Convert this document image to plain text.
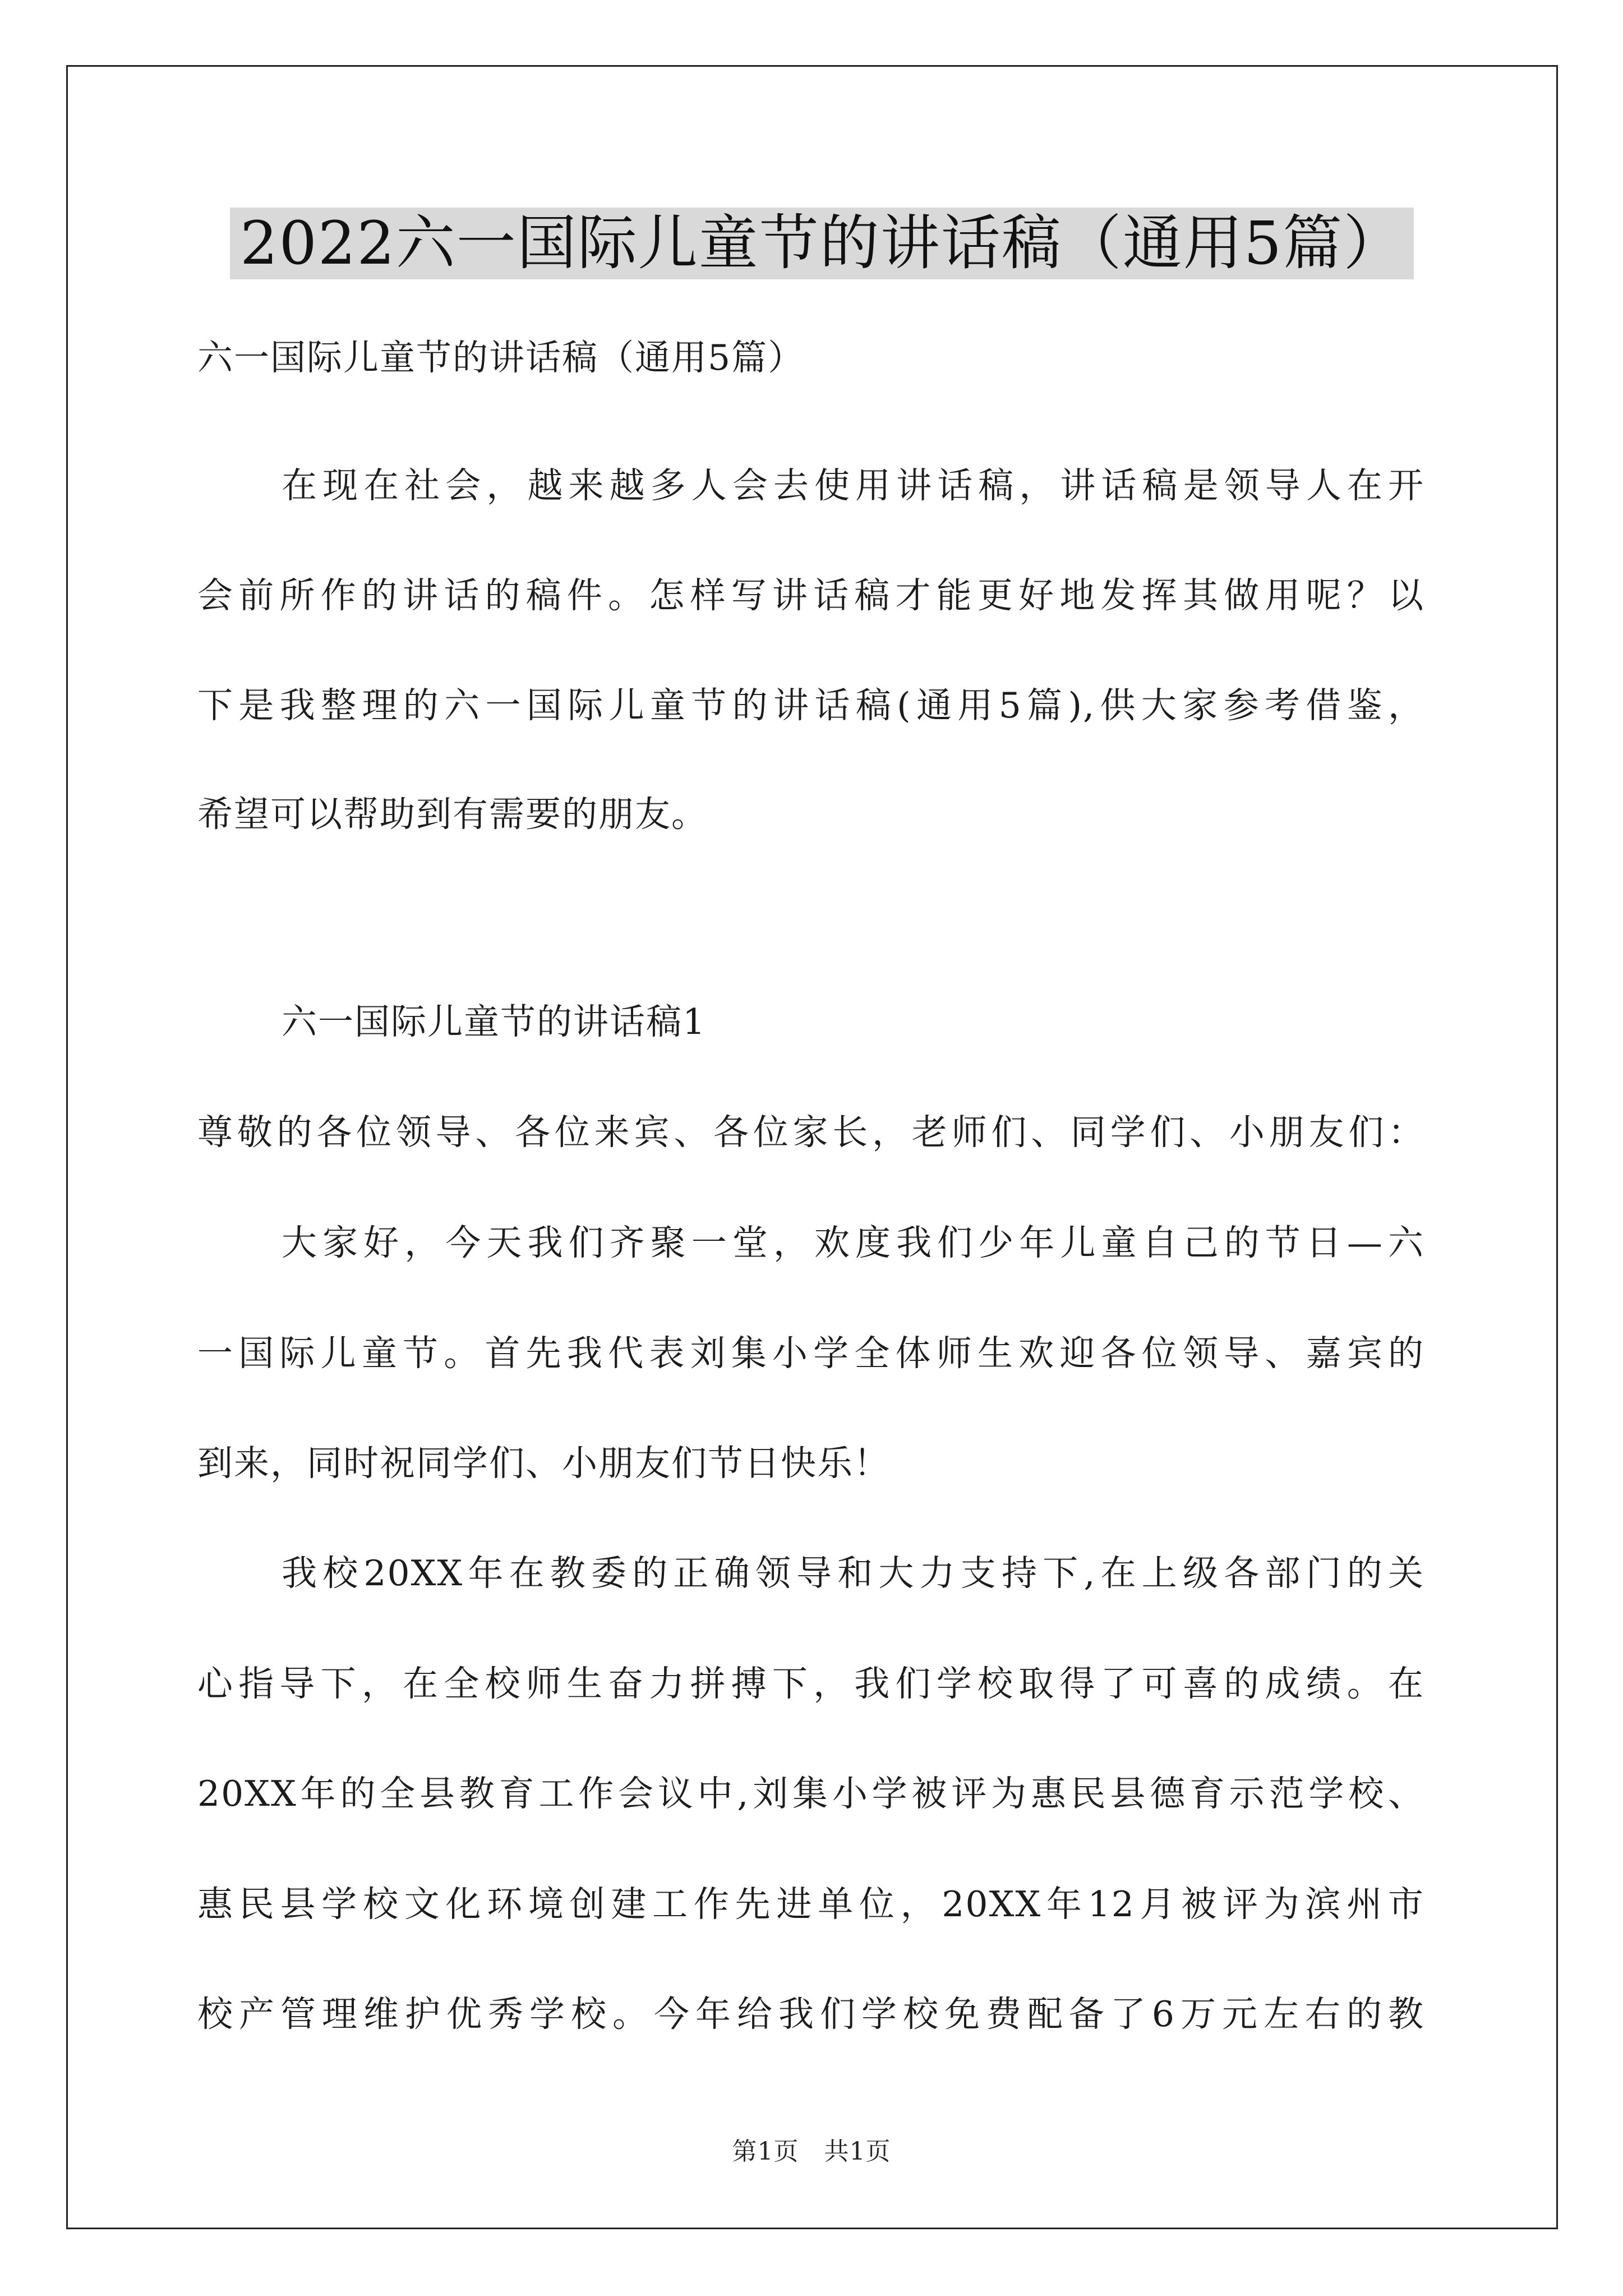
2022六一国际儿童节的讲话稿（通用5篇）
六一国际儿童节的讲话稿（通用5篇）
在现在社会，越来越多人会去使用讲话稿，讲话稿是领导人在开
会前所作的讲话的稿件。怎样写讲话稿才能更好地发挥其做用呢？以
下是我整理的六一国际儿童节的讲话稿(通用5篇),供大家参考借鉴，
希望可以帮助到有需要的朋友。
六一国际儿童节的讲话稿1
尊敬的各位领导、各位来宾、各位家长，老师们、同学们、小朋友们：
大家好，今天我们齐聚一堂，欢度我们少年儿童自己的节日—六
一国际儿童节。首先我代表刘集小学全体师生欢迎各位领导、嘉宾的
到来，同时祝同学们、小朋友们节日快乐！
我校20XX年在教委的正确领导和大力支持下,在上级各部门的关
心指导下，在全校师生奋力拼搏下，我们学校取得了可喜的成绩。在
20XX年的全县教育工作会议中,刘集小学被评为惠民县德育示范学校、
惠民县学校文化环境创建工作先进单位，20XX年12月被评为滨州市
校产管理维护优秀学校。今年给我们学校免费配备了6万元左右的教
第1页　共1页
